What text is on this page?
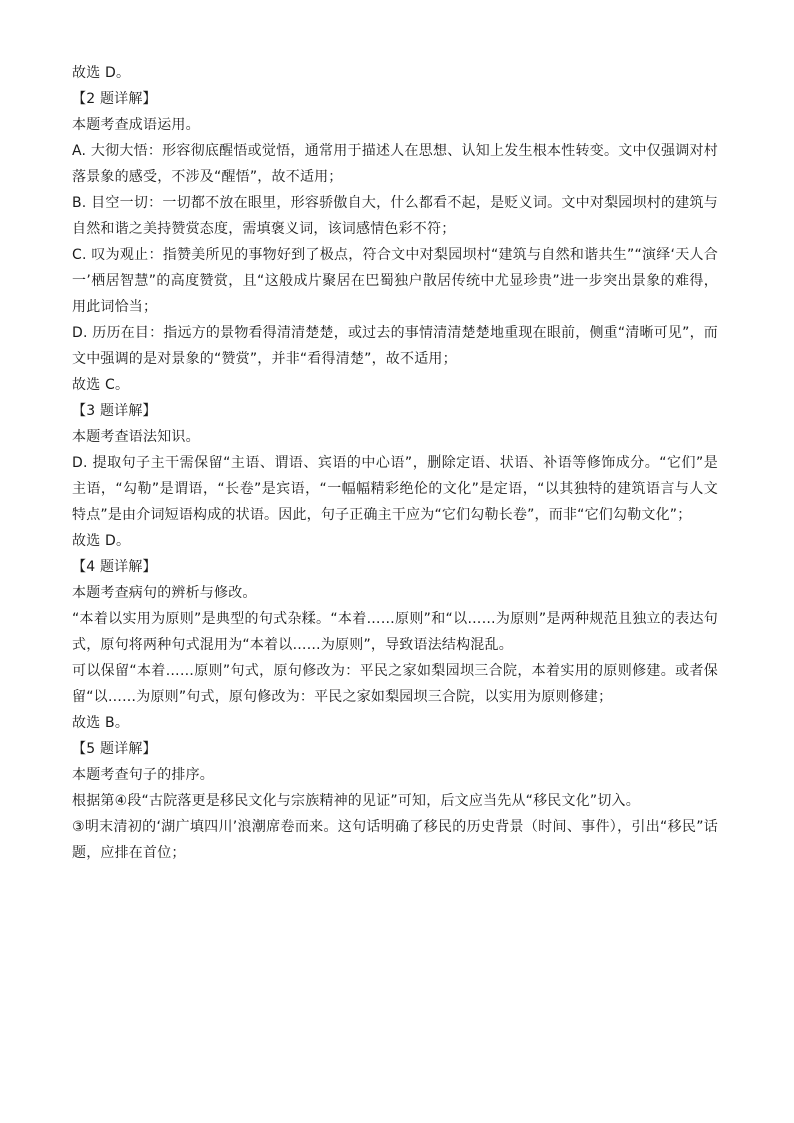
故选 D。

【2 题详解】

本题考查成语运用。

A. 大彻大悟：形容彻底醒悟或觉悟，通常用于描述人在思想、认知上发生根本性转变。文中仅强调对村落景象的感受，不涉及“醒悟”，故不适用；

B. 目空一切：一切都不放在眼里，形容骄傲自大，什么都看不起，是贬义词。文中对梨园坝村的建筑与自然和谐之美持赞赏态度，需填褒义词，该词感情色彩不符；

C. 叹为观止：指赞美所见的事物好到了极点，符合文中对梨园坝村“建筑与自然和谐共生”“演绎‘天人合一’栖居智慧”的高度赞赏，且“这般成片聚居在巴蜀独户散居传统中尤显珍贵”进一步突出景象的难得，用此词恰当；

D. 历历在目：指远方的景物看得清清楚楚，或过去的事情清清楚楚地重现在眼前，侧重“清晰可见”，而文中强调的是对景象的“赞赏”，并非“看得清楚”，故不适用；

故选 C。

【3 题详解】

本题考查语法知识。

D. 提取句子主干需保留“主语、谓语、宾语的中心语”，删除定语、状语、补语等修饰成分。“它们”是主语，“勾勒”是谓语，“长卷”是宾语，“一幅幅精彩绝伦的文化”是定语，“以其独特的建筑语言与人文特点”是由介词短语构成的状语。因此，句子正确主干应为“它们勾勒长卷”，而非“它们勾勒文化”；

故选 D。

【4 题详解】

本题考查病句的辨析与修改。

“本着以实用为原则”是典型的句式杂糅。“本着……原则”和“以……为原则”是两种规范且独立的表达句式，原句将两种句式混用为“本着以……为原则”，导致语法结构混乱。

可以保留“本着……原则”句式，原句修改为：平民之家如梨园坝三合院，本着实用的原则修建。或者保留“以……为原则”句式，原句修改为：平民之家如梨园坝三合院，以实用为原则修建；

故选 B。

【5 题详解】

本题考查句子的排序。

根据第④段“古院落更是移民文化与宗族精神的见证”可知，后文应当先从“移民文化”切入。

③明末清初的‘湖广填四川’浪潮席卷而来。这句话明确了移民的历史背景（时间、事件），引出“移民”话题，应排在首位；
